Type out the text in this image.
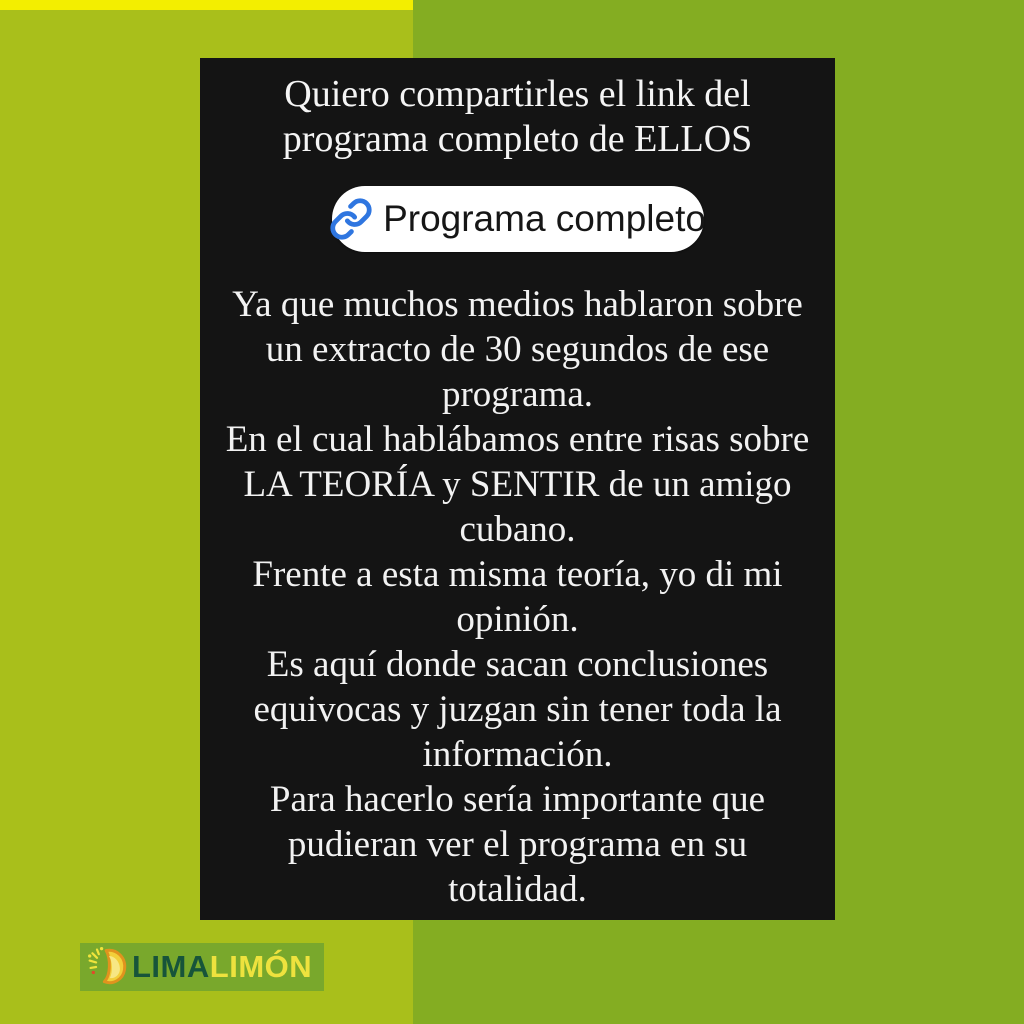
Quiero compartirles el link del
programa completo de ELLOS
Programa completo
Ya que muchos medios hablaron sobre
un extracto de 30 segundos de ese
programa.
En el cual hablábamos entre risas sobre
LA TEORÍA y SENTIR de un amigo
cubano.
Frente a esta misma teoría, yo di mi
opinión.
Es aquí donde sacan conclusiones
equivocas y juzgan sin tener toda la
información.
Para hacerlo sería importante que
pudieran ver el programa en su
totalidad.
LIMA LIMÓN
